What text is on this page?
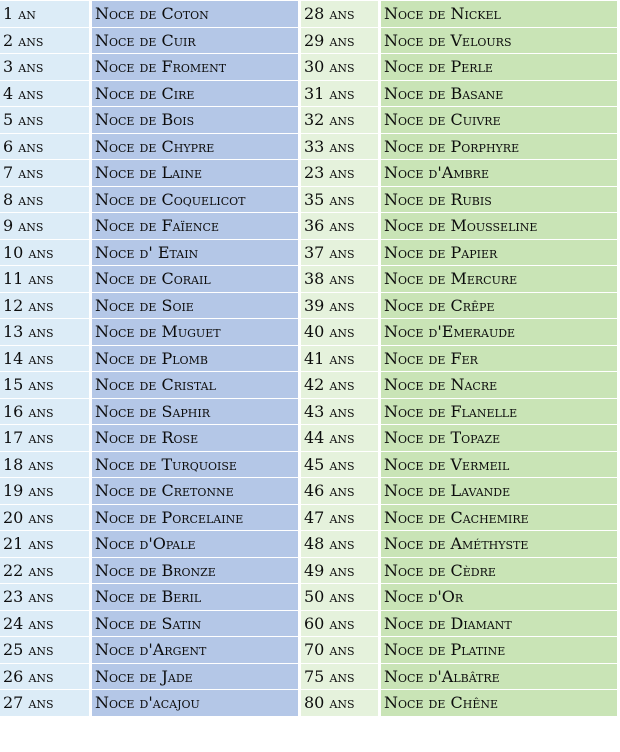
1 an	Noce de Coton	28 ans	Noce de Nickel
2 ans	Noce de Cuir	29 ans	Noce de Velours
3 ans	Noce de Froment	30 ans	Noce de Perle
4 ans	Noce de Cire	31 ans	Noce de Basane
5 ans	Noce de Bois	32 ans	Noce de Cuivre
6 ans	Noce de Chypre	33 ans	Noce de Porphyre
7 ans	Noce de Laine	23 ans	Noce d'Ambre
8 ans	Noce de Coquelicot	35 ans	Noce de Rubis
9 ans	Noce de Faïence	36 ans	Noce de Mousseline
10 ans	Noce d' Etain	37 ans	Noce de Papier
11 ans	Noce de Corail	38 ans	Noce de Mercure
12 ans	Noce de Soie	39 ans	Noce de Crêpe
13 ans	Noce de Muguet	40 ans	Noce d'Emeraude
14 ans	Noce de Plomb	41 ans	Noce de Fer
15 ans	Noce de Cristal	42 ans	Noce de Nacre
16 ans	Noce de Saphir	43 ans	Noce de Flanelle
17 ans	Noce de Rose	44 ans	Noce de Topaze
18 ans	Noce de Turquoise	45 ans	Noce de Vermeil
19 ans	Noce de Cretonne	46 ans	Noce de Lavande
20 ans	Noce de Porcelaine	47 ans	Noce de Cachemire
21 ans	Noce d'Opale	48 ans	Noce de Améthyste
22 ans	Noce de Bronze	49 ans	Noce de Cèdre
23 ans	Noce de Beril	50 ans	Noce d'Or
24 ans	Noce de Satin	60 ans	Noce de Diamant
25 ans	Noce d'Argent	70 ans	Noce de Platine
26 ans	Noce de Jade	75 ans	Noce d'Albâtre
27 ans	Noce d'acajou	80 ans	Noce de Chêne
